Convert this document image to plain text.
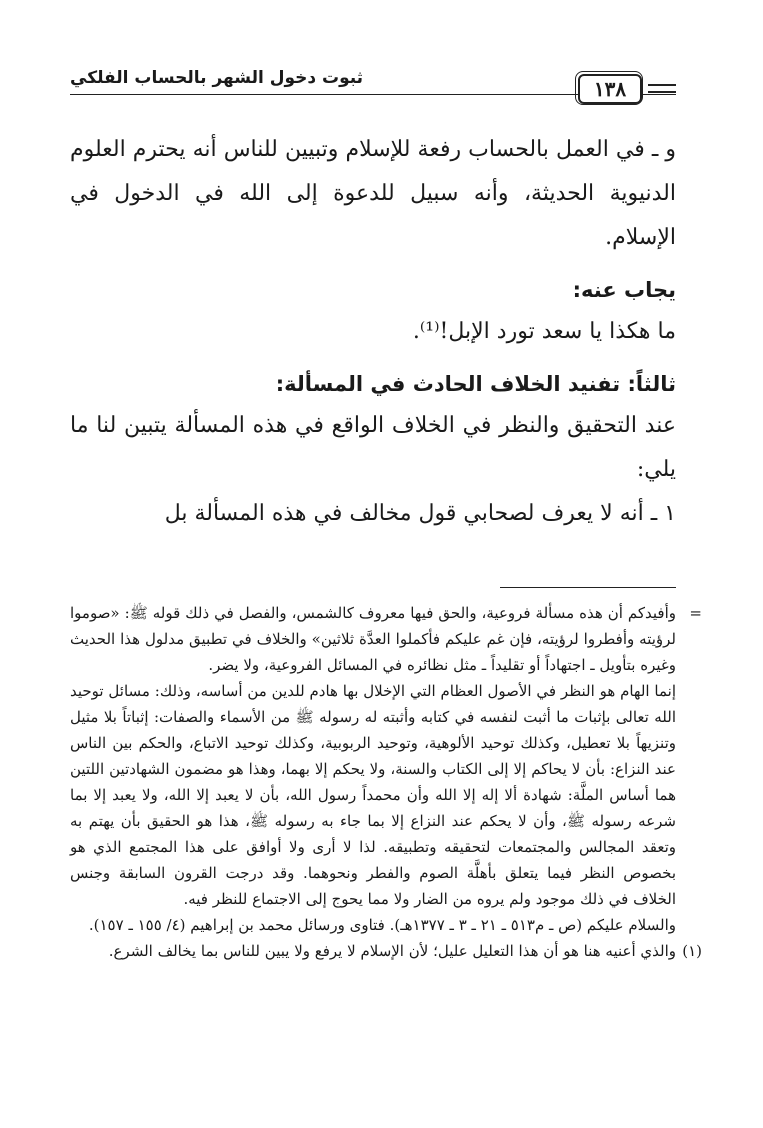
ثبوت دخول الشهر بالحساب الفلكي	١٣٨

و ـ في العمل بالحساب رفعة للإسلام وتبيين للناس أنه يحترم العلوم الدنيوية الحديثة، وأنه سبيل للدعوة إلى الله في الدخول في الإسلام.

يجاب عنه:

ما هكذا يا سعد تورد الإبل!⁽¹⁾.

ثالثاً: تفنيد الخلاف الحادث في المسألة:

عند التحقيق والنظر في الخلاف الواقع في هذه المسألة يتبين لنا ما يلي:

١ ـ أنه لا يعرف لصحابي قول مخالف في هذه المسألة بل

=

وأفيدكم أن هذه مسألة فروعية، والحق فيها معروف كالشمس، والفصل في ذلك قوله ﷺ: «صوموا لرؤيته وأفطروا لرؤيته، فإن غم عليكم فأكملوا العدَّة ثلاثين» والخلاف في تطبيق مدلول هذا الحديث وغيره بتأويل ـ اجتهاداً أو تقليداً ـ مثل نظائره في المسائل الفروعية، ولا يضر.

إنما الهام هو النظر في الأصول العظام التي الإخلال بها هادم للدين من أساسه، وذلك: مسائل توحيد الله تعالى بإثبات ما أثبت لنفسه في كتابه وأثبته له رسوله ﷺ من الأسماء والصفات: إثباتاً بلا مثيل وتنزيهاً بلا تعطيل، وكذلك توحيد الألوهية، وتوحيد الربوبية، وكذلك توحيد الاتباع، والحكم بين الناس عند النزاع: بأن لا يحاكم إلا إلى الكتاب والسنة، ولا يحكم إلا بهما، وهذا هو مضمون الشهادتين اللتين هما أساس الملَّة: شهادة ألا إله إلا الله وأن محمداً رسول الله، بأن لا يعبد إلا الله، ولا يعبد إلا بما شرعه رسوله ﷺ، وأن لا يحكم عند النزاع إلا بما جاء به رسوله ﷺ، هذا هو الحقيق بأن يهتم به وتعقد المجالس والمجتمعات لتحقيقه وتطبيقه. لذا لا أرى ولا أوافق على هذا المجتمع الذي هو بخصوص النظر فيما يتعلق بأهلَّة الصوم والفطر ونحوهما. وقد درجت القرون السابقة وجنس الخلاف في ذلك موجود ولم يروه من الضار ولا مما يحوج إلى الاجتماع للنظر فيه.

والسلام عليكم (ص ـ م٥١٣ ـ ٢١ ـ ٣ ـ ١٣٧٧هـ). فتاوى ورسائل محمد بن إبراهيم (٤/ ١٥٥ ـ ١٥٧).

(١)

والذي أعنيه هنا هو أن هذا التعليل عليل؛ لأن الإسلام لا يرفع ولا يبين للناس بما يخالف الشرع.
